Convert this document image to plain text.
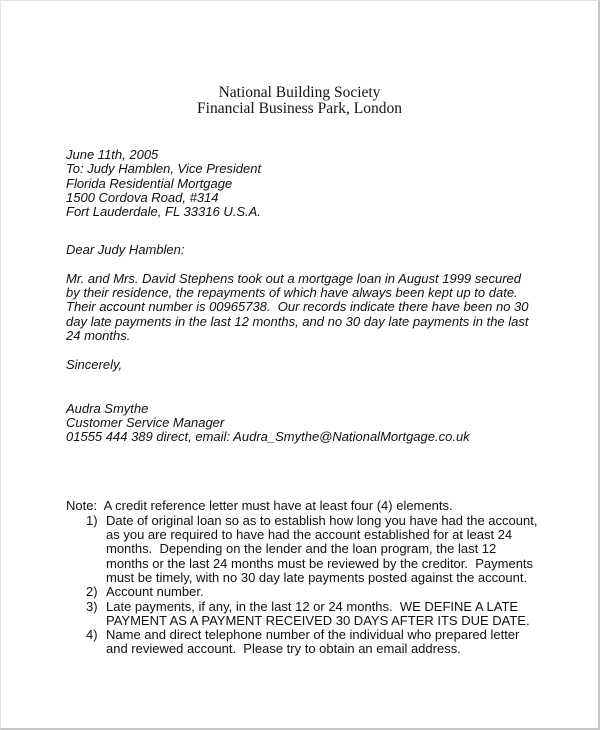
National Building Society
Financial Business Park, London
June 11th, 2005
To: Judy Hamblen, Vice President
Florida Residential Mortgage
1500 Cordova Road, #314
Fort Lauderdale, FL 33316 U.S.A.
Dear Judy Hamblen:
Mr. and Mrs. David Stephens took out a mortgage loan in August 1999 secured by their residence, the repayments of which have always been kept up to date.  Their account number is 00965738.  Our records indicate there have been no 30 day late payments in the last 12 months, and no 30 day late payments in the last 24 months.
Sincerely,
Audra Smythe
Customer Service Manager
01555 444 389 direct, email: Audra_Smythe@NationalMortgage.co.uk
Note:  A credit reference letter must have at least four (4) elements.
1) Date of original loan so as to establish how long you have had the account, as you are required to have had the account established for at least 24 months.  Depending on the lender and the loan program, the last 12 months or the last 24 months must be reviewed by the creditor.  Payments must be timely, with no 30 day late payments posted against the account.
2) Account number.
3) Late payments, if any, in the last 12 or 24 months.  WE DEFINE A LATE PAYMENT AS A PAYMENT RECEIVED 30 DAYS AFTER ITS DUE DATE.
4) Name and direct telephone number of the individual who prepared letter and reviewed account.  Please try to obtain an email address.
